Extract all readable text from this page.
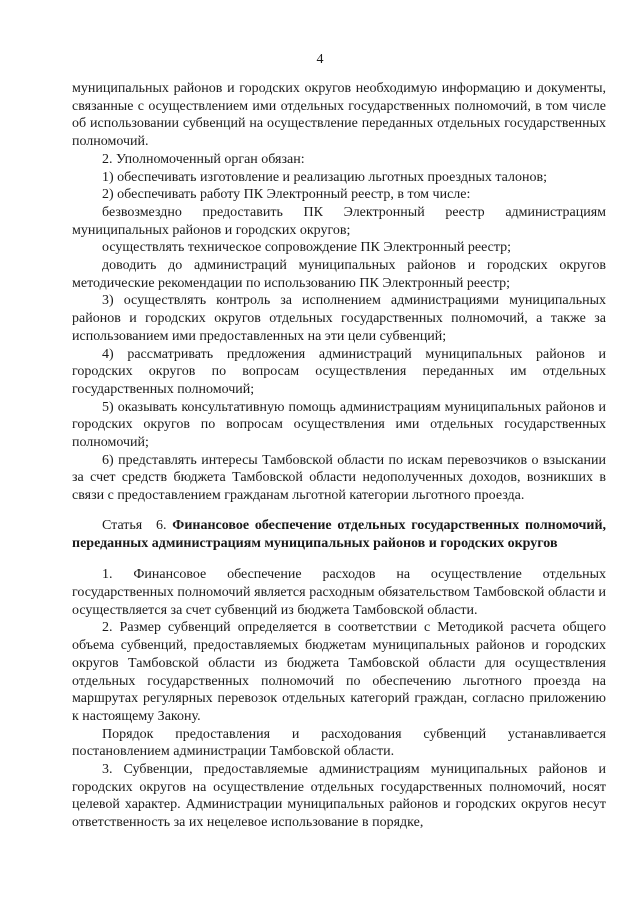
4

муниципальных районов и городских округов необходимую информацию и документы, связанные с осуществлением ими отдельных государственных полномочий, в том числе об использовании субвенций на осуществление переданных отдельных государственных полномочий.

2. Уполномоченный орган обязан:

1) обеспечивать изготовление и реализацию льготных проездных талонов;

2) обеспечивать работу ПК Электронный реестр, в том числе:

безвозмездно предоставить ПК Электронный реестр администрациям муниципальных районов и городских округов;

осуществлять техническое сопровождение ПК Электронный реестр;

доводить до администраций муниципальных районов и городских округов методические рекомендации по использованию ПК Электронный реестр;

3) осуществлять контроль за исполнением администрациями муниципальных районов и городских округов отдельных государственных полномочий, а также за использованием ими предоставленных на эти цели субвенций;

4) рассматривать предложения администраций муниципальных районов и городских округов по вопросам осуществления переданных им отдельных государственных полномочий;

5) оказывать консультативную помощь администрациям муниципальных районов и городских округов по вопросам осуществления ими отдельных государственных полномочий;

6) представлять интересы Тамбовской области по искам перевозчиков о взыскании за счет средств бюджета Тамбовской области недополученных доходов, возникших в связи с предоставлением гражданам льготной категории льготного проезда.

Статья 6. Финансовое обеспечение отдельных государственных полномочий, переданных администрациям муниципальных районов и городских округов

1. Финансовое обеспечение расходов на осуществление отдельных государственных полномочий является расходным обязательством Тамбовской области и осуществляется за счет субвенций из бюджета Тамбовской области.

2. Размер субвенций определяется в соответствии с Методикой расчета общего объема субвенций, предоставляемых бюджетам муниципальных районов и городских округов Тамбовской области из бюджета Тамбовской области для осуществления отдельных государственных полномочий по обеспечению льготного проезда на маршрутах регулярных перевозок отдельных категорий граждан, согласно приложению к настоящему Закону.

Порядок предоставления и расходования субвенций устанавливается постановлением администрации Тамбовской области.

3. Субвенции, предоставляемые администрациям муниципальных районов и городских округов на осуществление отдельных государственных полномочий, носят целевой характер. Администрации муниципальных районов и городских округов несут ответственность за их нецелевое использование в порядке,
